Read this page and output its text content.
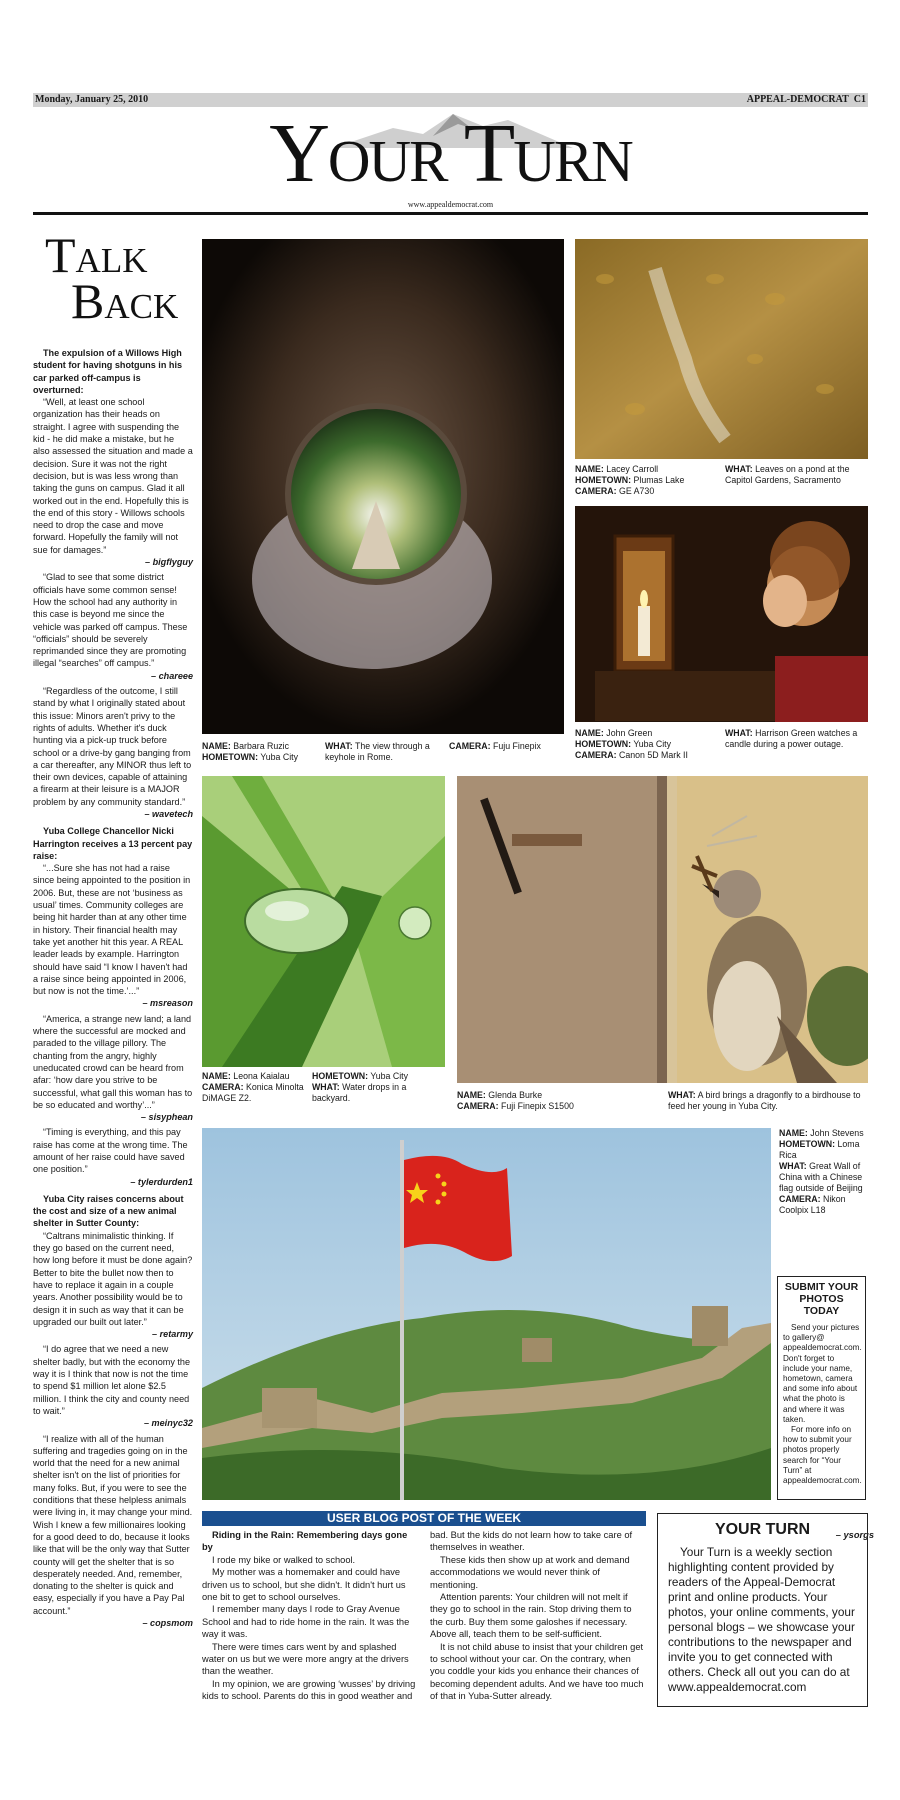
Monday, January 25, 2010	APPEAL-DEMOCRAT C1
Your Turn
www.appealdemocrat.com
Talk
Back

The expulsion of a Willows High student for having shotguns in his car parked off-campus is overturned:

“Well, at least one school organization has their heads on straight. I agree with suspending the kid - he did make a mistake, but he also assessed the situation and made a decision. Sure it was not the right decision, but is was less wrong than taking the guns on campus. Glad it all worked out in the end. Hopefully this is the end of this story - Willows schools need to drop the case and move forward. Hopefully the family will not sue for damages.”

– bigflyguy

“Glad to see that some district officials have some common sense! How the school had any authority in this case is beyond me since the vehicle was parked off campus. These “officials” should be severely reprimanded since they are promoting illegal “searches” off campus.”

– chareee

“Regardless of the outcome, I still stand by what I originally stated about this issue: Minors aren't privy to the rights of adults. Whether it's duck hunting via a pick-up truck before school or a drive-by gang banging from a car thereafter, any MINOR thus left to their own devices, capable of attaining a firearm at their leisure is a MAJOR problem by any community standard.”

– wavetech

Yuba College Chancellor Nicki Harrington receives a 13 percent pay raise:

“...Sure she has not had a raise since being appointed to the position in 2006. But, these are not ‘business as usual’ times. Community colleges are being hit harder than at any other time in history. Their financial health may take yet another hit this year. A REAL leader leads by example. Harrington should have said “I know I haven't had a raise since being appointed in 2006, but now is not the time.’...”

– msreason

“America, a strange new land; a land where the successful are mocked and paraded to the village pillory. The chanting from the angry, highly uneducated crowd can be heard from afar: ‘how dare you strive to be successful, what gall this woman has to be so educated and worthy’...”

– sisyphean

“Timing is everything, and this pay raise has come at the wrong time. The amount of her raise could have saved one position.”

– tylerdurden1

Yuba City raises concerns about the cost and size of a new animal shelter in Sutter County:

“Caltrans minimalistic thinking. If they go based on the current need, how long before it must be done again? Better to bite the bullet now then to have to replace it again in a couple years. Another possibility would be to design it in such as way that it can be upgraded our built out later.”

– retarmy

“I do agree that we need a new shelter badly, but with the economy the way it is I think that now is not the time to spend $1 million let alone $2.5 million. I think the city and county need to wait.”

– meinyc32

“I realize with all of the human suffering and tragedies going on in the world that the need for a new animal shelter isn't on the list of priorities for many folks. But, if you were to see the conditions that these helpless animals were living in, it may change your mind. Wish I knew a few millionaires looking for a good deed to do, because it looks like that will be the only way that Sutter county will get the shelter that is so desperately needed. And, remember, donating to the shelter is quick and easy, especially if you have a Pay Pal account.”

– copsmom
NAME: Barbara Ruzic
HOMETOWN: Yuba City
WHAT: The view through a keyhole in Rome.
CAMERA: Fuju Finepix
NAME: Lacey Carroll
HOMETOWN: Plumas Lake
CAMERA: GE A730
WHAT: Leaves on a pond at the Capitol Gardens, Sacramento
NAME: John Green
HOMETOWN: Yuba City
CAMERA: Canon 5D Mark II
WHAT: Harrison Green watches a candle during a power outage.
NAME: Leona Kaialau
CAMERA: Konica Minolta DiMAGE Z2.
HOMETOWN: Yuba City
WHAT: Water drops in a backyard.	NAME: Glenda Burke
CAMERA: Fuji Finepix S1500
WHAT: A bird brings a dragonfly to a birdhouse to feed her young in Yuba City.
NAME: John Stevens
HOMETOWN: Loma Rica
WHAT: Great Wall of China with a Chinese flag outside of Beijing
CAMERA: Nikon Coolpix L18
SUBMIT YOUR PHOTOS TODAY

Send your pictures to gallery@ appealdemocrat.com. Don't forget to include your name, hometown, camera and some info about what the photo is and where it was taken.

For more info on how to submit your photos properly search for “Your Turn” at appealdemocrat.com.

USER BLOG POST OF THE WEEK

Riding in the Rain: Remembering days gone by

I rode my bike or walked to school.

My mother was a homemaker and could have driven us to school, but she didn't. It didn't hurt us one bit to get to school ourselves.

I remember many days I rode to Gray Avenue School and had to ride home in the rain. It was the way it was.

There were times cars went by and splashed water on us but we were more angry at the drivers than the weather.

In my opinion, we are growing ‘wusses’ by driving kids to school. Parents do this in good weather and bad. But the kids do not learn how to take care of themselves in weather.

These kids then show up at work and demand accommodations we would never think of mentioning.

Attention parents: Your children will not melt if they go to school in the rain. Stop driving them to the curb. Buy them some galoshes if necessary. Above all, teach them to be self-sufficient.

It is not child abuse to insist that your children get to school without your car. On the contrary, when you coddle your kids you enhance their chances of becoming dependent adults. And we have too much of that in Yuba-Sutter already.

– ysorgs
YOUR TURN

Your Turn is a weekly section highlighting content provided by readers of the Appeal-Democrat print and online products. Your photos, your online comments, your personal blogs – we showcase your contributions to the newspaper and invite you to get connected with others. Check all out you can do at www.appealdemocrat.com
